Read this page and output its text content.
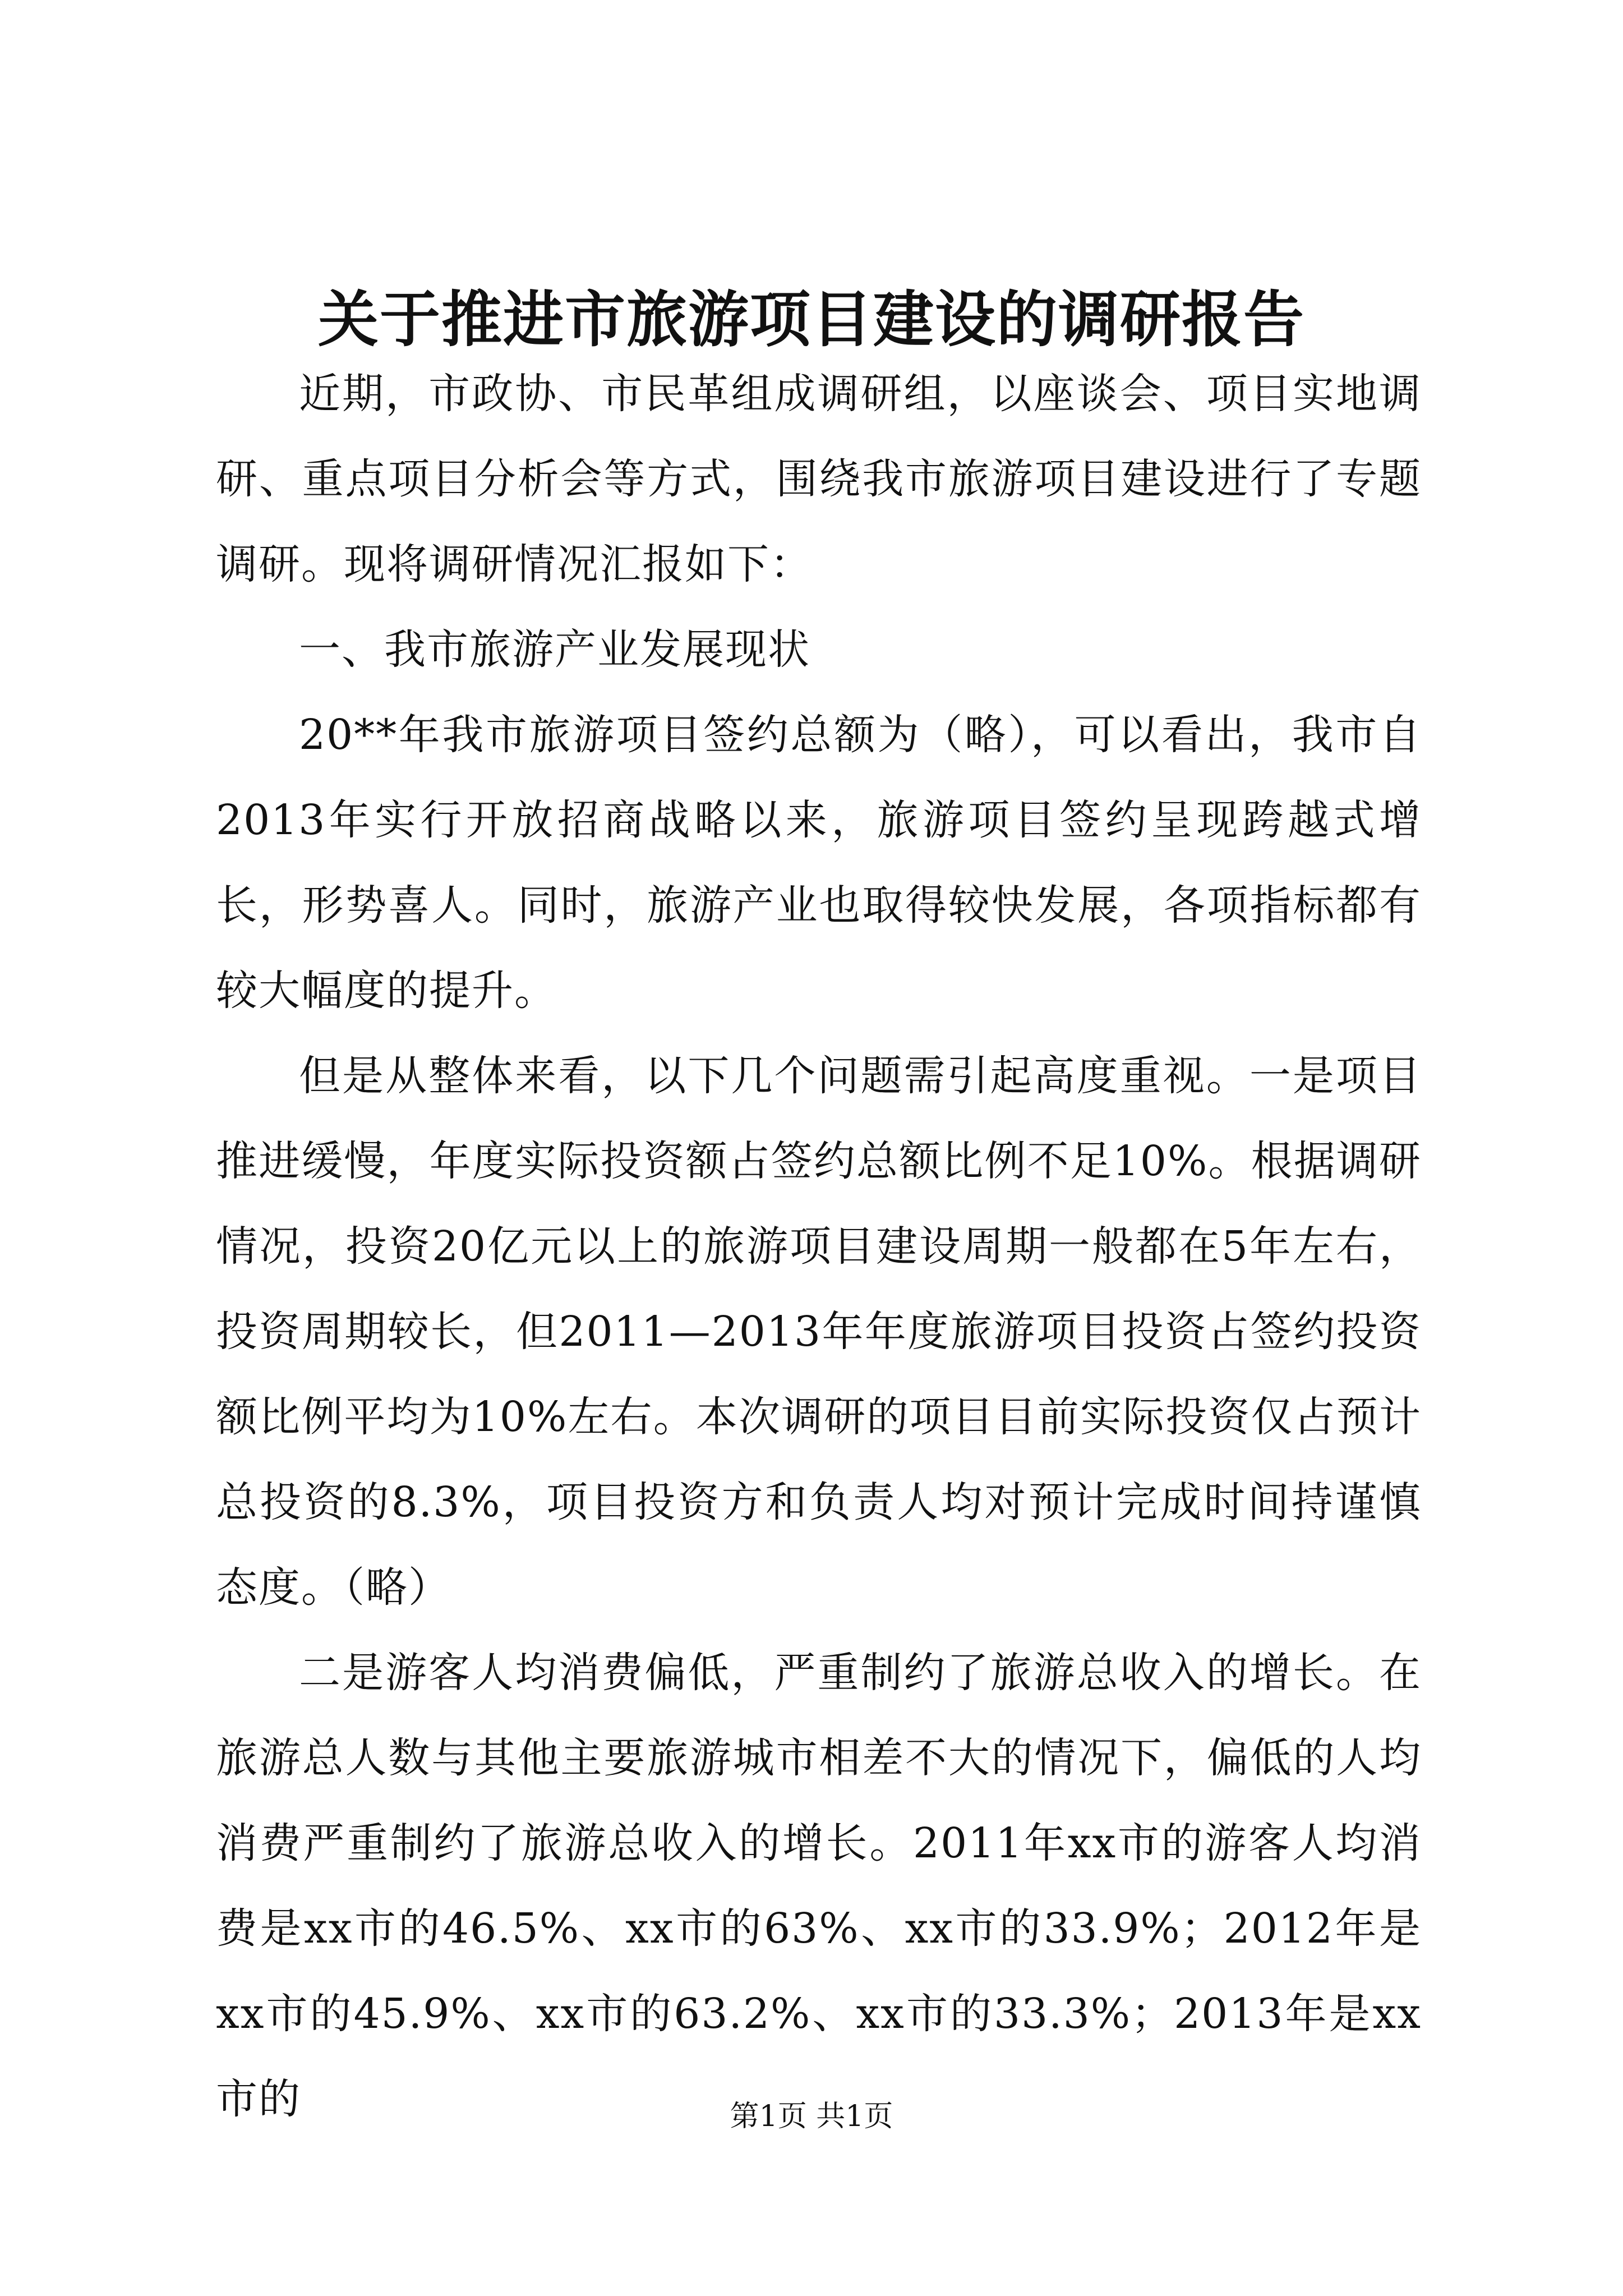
关于推进市旅游项目建设的调研报告

近期，市政协、市民革组成调研组，以座谈会、项目实地调研、重点项目分析会等方式，围绕我市旅游项目建设进行了专题调研。现将调研情况汇报如下：

一、我市旅游产业发展现状

20**年我市旅游项目签约总额为（略），可以看出，我市自2013年实行开放招商战略以来，旅游项目签约呈现跨越式增长，形势喜人。同时，旅游产业也取得较快发展，各项指标都有较大幅度的提升。

但是从整体来看，以下几个问题需引起高度重视。一是项目推进缓慢，年度实际投资额占签约总额比例不足10%。根据调研情况，投资20亿元以上的旅游项目建设周期一般都在5年左右，投资周期较长，但2011—2013年年度旅游项目投资占签约投资额比例平均为10%左右。本次调研的项目目前实际投资仅占预计总投资的8.3%，项目投资方和负责人均对预计完成时间持谨慎态度。（略）

二是游客人均消费偏低，严重制约了旅游总收入的增长。在旅游总人数与其他主要旅游城市相差不大的情况下，偏低的人均消费严重制约了旅游总收入的增长。2011年xx市的游客人均消费是xx市的46.5%、xx市的63%、xx市的33.9%；2012年是xx市的45.9%、xx市的63.2%、xx市的33.3%；2013年是xx市的	第1页 共1页
